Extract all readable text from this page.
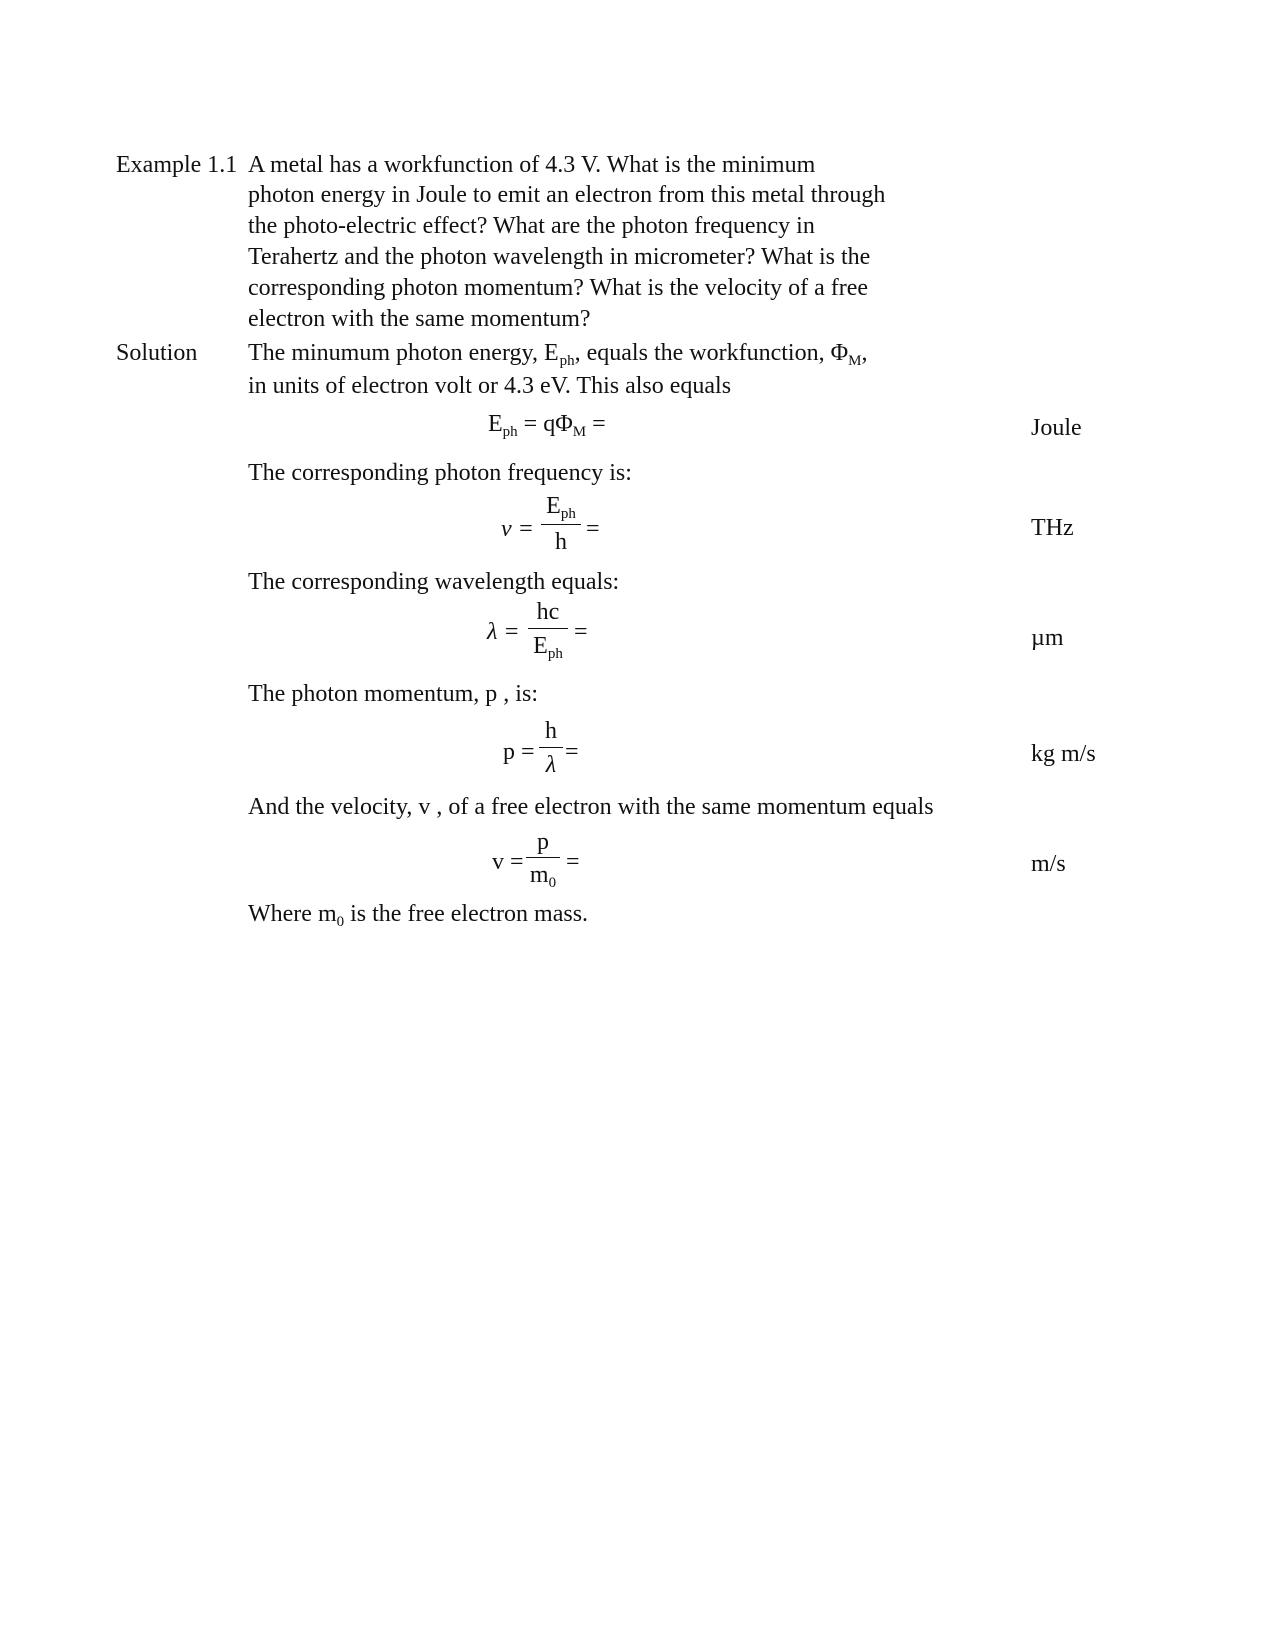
Example 1.1 A metal has a workfunction of 4.3 V. What is the minimum
photon energy in Joule to emit an electron from this metal through
the photo-electric effect? What are the photon frequency in
Terahertz and the photon wavelength in micrometer? What is the
corresponding photon momentum? What is the velocity of a free
electron with the same momentum?
Solution The minumum photon energy, $E_{ph}$, equals the workfunction, $\Phi_M$,
in units of electron volt or 4.3 eV. This also equals
$E_{ph} = q\Phi_M$ =	Joule
The corresponding photon frequency is:
ν =
$E_{ph}$
h =	THz
The corresponding wavelength equals:
λ =
hc
$E_{ph}$
=	µm
The photon momentum, p , is:
p =
h
λ =	kg m/s
And the velocity, v , of a free electron with the same momentum equals
v =
p
$m_0$
=	m/s
Where $m_0$ is the free electron mass.
